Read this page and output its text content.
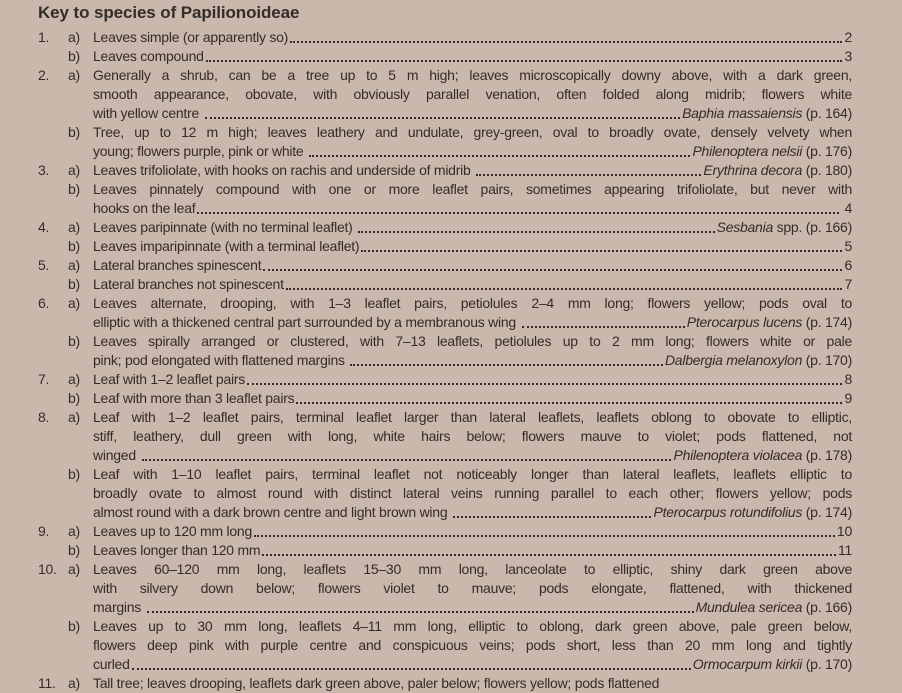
Key to species of Papilionoideae
1.	a) Leaves simple (or apparently so)	2
b) Leaves compound	3
2.	a) Generally a shrub, can be a tree up to 5 m high; leaves microscopically downy above, with a dark green,
smooth appearance, obovate, with obviously parallel venation, often folded along midrib; flowers white
with yellow centre	Baphia massaiensis (p. 164)
b) Tree, up to 12 m high; leaves leathery and undulate, grey-green, oval to broadly ovate, densely velvety when
young; flowers purple, pink or white	Philenoptera nelsii (p. 176)
3.	a) Leaves trifoliolate, with hooks on rachis and underside of midrib	Erythrina decora (p. 180)
b) Leaves pinnately compound with one or more leaflet pairs, sometimes appearing trifoliolate, but never with
hooks on the leaf	4
4.	a) Leaves paripinnate (with no terminal leaflet)	Sesbania spp. (p. 166)
b) Leaves imparipinnate (with a terminal leaflet)	5
5.	a) Lateral branches spinescent	6
b) Lateral branches not spinescent	7
6.	a) Leaves alternate, drooping, with 1–3 leaflet pairs, petiolules 2–4 mm long; flowers yellow; pods oval to
elliptic with a thickened central part surrounded by a membranous wing	Pterocarpus lucens (p. 174)
b) Leaves spirally arranged or clustered, with 7–13 leaflets, petiolules up to 2 mm long; flowers white or pale
pink; pod elongated with flattened margins	Dalbergia melanoxylon (p. 170)
7.	a) Leaf with 1–2 leaflet pairs	8
b) Leaf with more than 3 leaflet pairs	9
8.	a) Leaf with 1–2 leaflet pairs, terminal leaflet larger than lateral leaflets, leaflets oblong to obovate to elliptic,
stiff, leathery, dull green with long, white hairs below; flowers mauve to violet; pods flattened, not
winged	Philenoptera violacea (p. 178)
b) Leaf with 1–10 leaflet pairs, terminal leaflet not noticeably longer than lateral leaflets, leaflets elliptic to
broadly ovate to almost round with distinct lateral veins running parallel to each other; flowers yellow; pods
almost round with a dark brown centre and light brown wing	Pterocarpus rotundifolius (p. 174)
9.	a) Leaves up to 120 mm long	10
b) Leaves longer than 120 mm	11
10. a) Leaves 60–120 mm long, leaflets 15–30 mm long, lanceolate to elliptic, shiny dark green above
with silvery down below; flowers violet to mauve; pods elongate, flattened, with thickened
margins	Mundulea sericea (p. 166)
b) Leaves up to 30 mm long, leaflets 4–11 mm long, elliptic to oblong, dark green above, pale green below,
flowers deep pink with purple centre and conspicuous veins; pods short, less than 20 mm long and tightly
curled	Ormocarpum kirkii (p. 170)
11. a) Tall tree; leaves drooping, leaflets dark green above, paler below; flowers yellow; pods flattened
